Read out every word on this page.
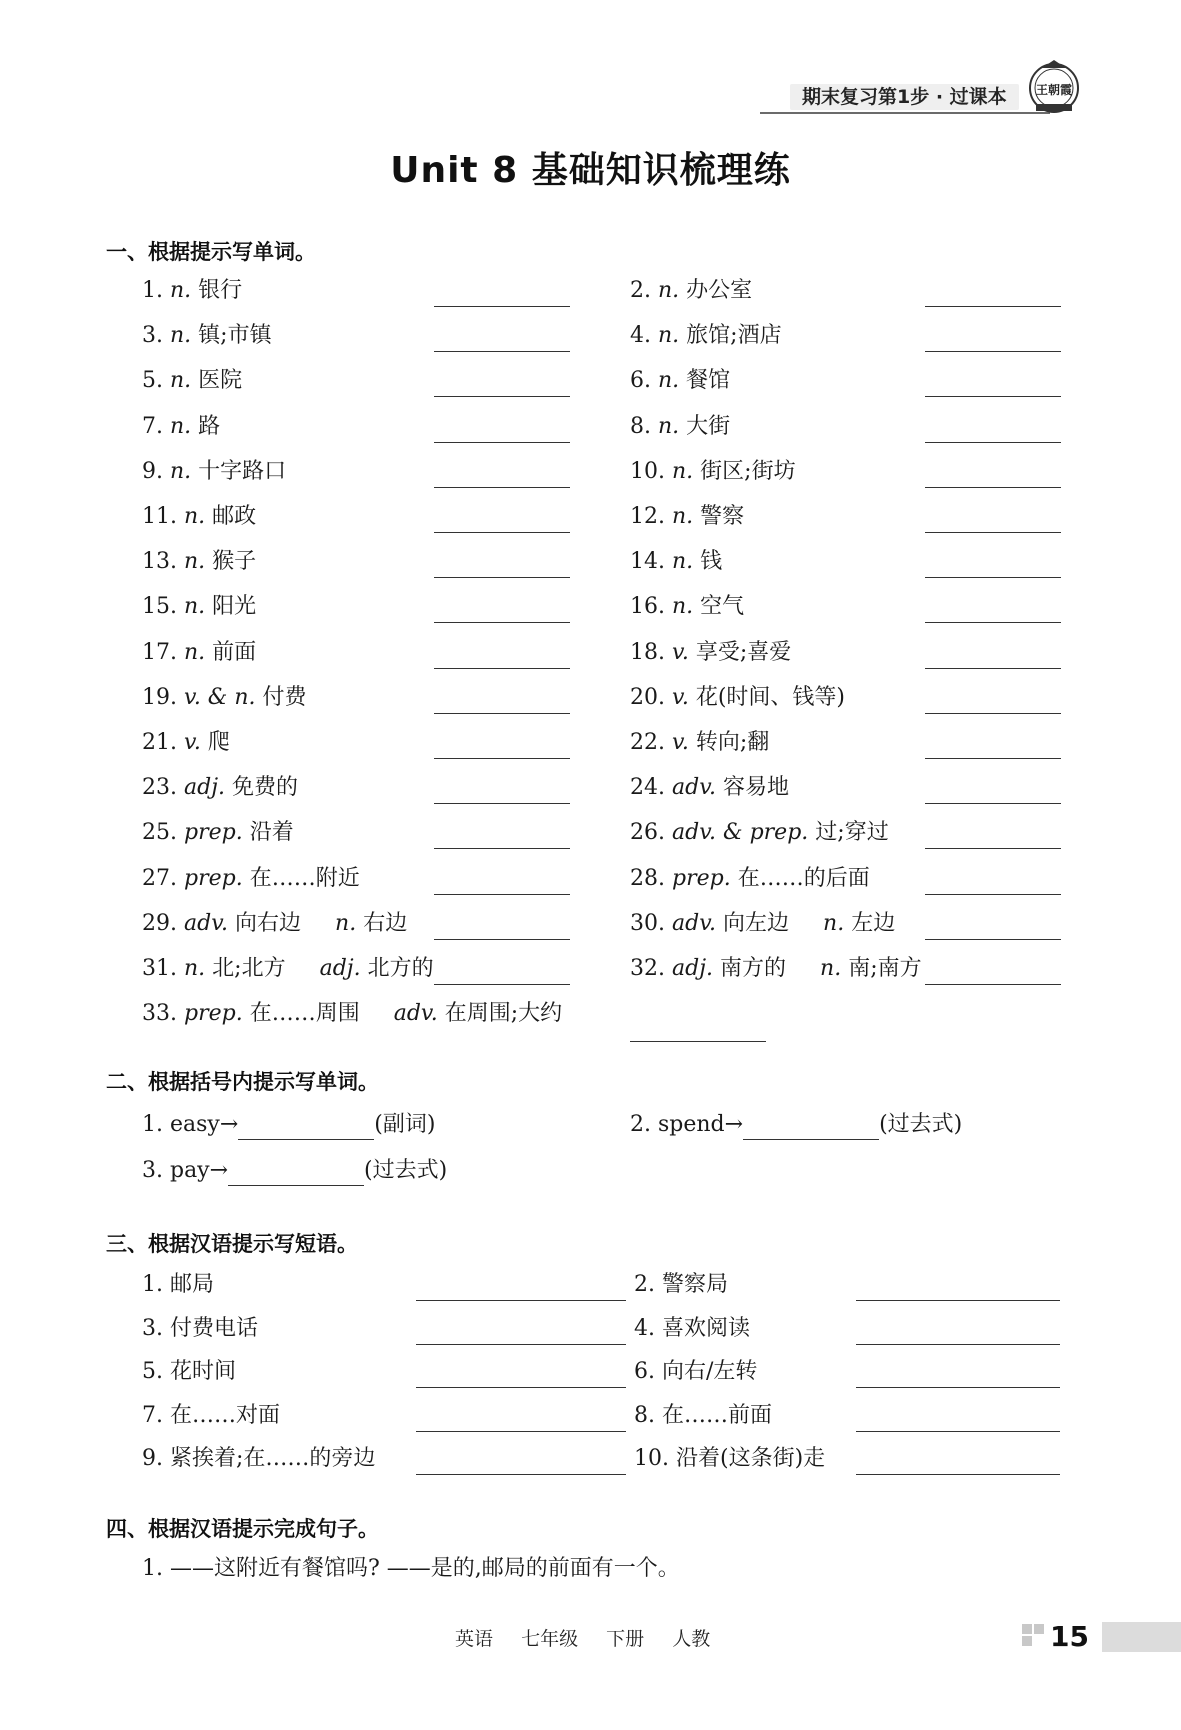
期末复习第1步 · 过课本	王朝霞
Unit 8 基础知识梳理练
一、根据提示写单词。
1. n. 银行	2. n. 办公室
3. n. 镇;市镇	4. n. 旅馆;酒店
5. n. 医院	6. n. 餐馆
7. n. 路	8. n. 大街
9. n. 十字路口	10. n. 街区;街坊
11. n. 邮政	12. n. 警察
13. n. 猴子	14. n. 钱
15. n. 阳光	16. n. 空气
17. n. 前面	18. v. 享受;喜爱
19. v. & n. 付费	20. v. 花(时间、钱等)
21. v. 爬	22. v. 转向;翻
23. adj. 免费的	24. adv. 容易地
25. prep. 沿着	26. adv. & prep. 过;穿过
27. prep. 在……附近	28. prep. 在……的后面
29. adv. 向右边 n. 右边	30. adv. 向左边 n. 左边
31. n. 北;北方 adj. 北方的	32. adj. 南方的 n. 南;南方
33. prep. 在……周围 adv. 在周围;大约
二、根据括号内提示写单词。
1. easy→	(副词)	2. spend→	(过去式)
3. pay→	(过去式)
三、根据汉语提示写短语。
1. 邮局	2. 警察局
3. 付费电话	4. 喜欢阅读
5. 花时间	6. 向右/左转
7. 在……对面	8. 在……前面
9. 紧挨着;在……的旁边	10. 沿着(这条街)走
四、根据汉语提示完成句子。
1. ——这附近有餐馆吗? ——是的,邮局的前面有一个。
英语 七年级 下册 人教	15
